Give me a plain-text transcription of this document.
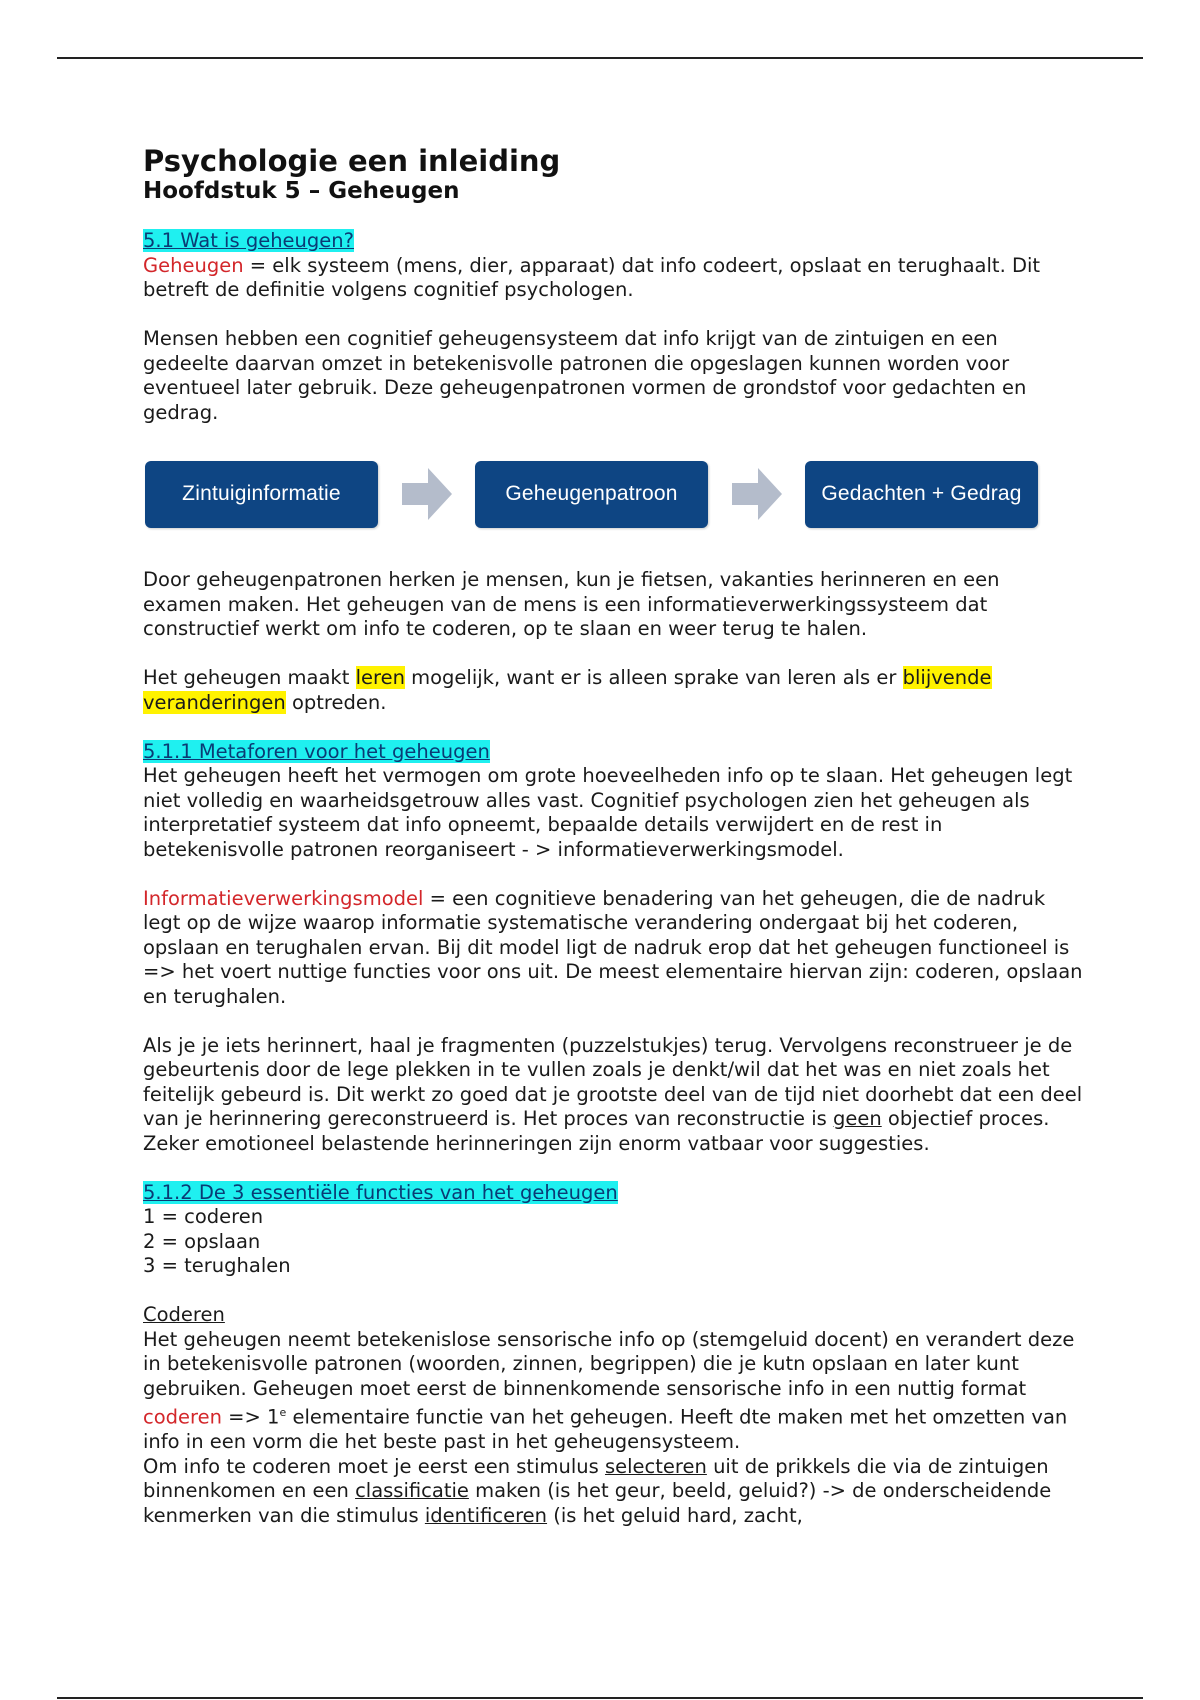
Psychologie een inleiding
Hoofdstuk 5 – Geheugen
5.1 Wat is geheugen?

Geheugen = elk systeem (mens, dier, apparaat) dat info codeert, opslaat en terughaalt. Dit betreft de definitie volgens cognitief psychologen.

Mensen hebben een cognitief geheugensysteem dat info krijgt van de zintuigen en een gedeelte daarvan omzet in betekenisvolle patronen die opgeslagen kunnen worden voor eventueel later gebruik. Deze geheugenpatronen vormen de grondstof voor gedachten en gedrag.

Zintuiginformatie	Geheugenpatroon	Gedachten + Gedrag

Door geheugenpatronen herken je mensen, kun je fietsen, vakanties herinneren en een examen maken. Het geheugen van de mens is een informatieverwerkingssysteem dat constructief werkt om info te coderen, op te slaan en weer terug te halen.

Het geheugen maakt leren mogelijk, want er is alleen sprake van leren als er blijvende veranderingen optreden.

5.1.1 Metaforen voor het geheugen

Het geheugen heeft het vermogen om grote hoeveelheden info op te slaan. Het geheugen legt niet volledig en waarheidsgetrouw alles vast. Cognitief psychologen zien het geheugen als interpretatief systeem dat info opneemt, bepaalde details verwijdert en de rest in betekenisvolle patronen reorganiseert - > informatieverwerkingsmodel.

Informatieverwerkingsmodel = een cognitieve benadering van het geheugen, die de nadruk legt op de wijze waarop informatie systematische verandering ondergaat bij het coderen, opslaan en terughalen ervan. Bij dit model ligt de nadruk erop dat het geheugen functioneel is => het voert nuttige functies voor ons uit. De meest elementaire hiervan zijn: coderen, opslaan en terughalen.

Als je je iets herinnert, haal je fragmenten (puzzelstukjes) terug. Vervolgens reconstrueer je de gebeurtenis door de lege plekken in te vullen zoals je denkt/wil dat het was en niet zoals het feitelijk gebeurd is. Dit werkt zo goed dat je grootste deel van de tijd niet doorhebt dat een deel van je herinnering gereconstrueerd is. Het proces van reconstructie is geen objectief proces. Zeker emotioneel belastende herinneringen zijn enorm vatbaar voor suggesties.

5.1.2 De 3 essentiële functies van het geheugen

1 = coderen

2 = opslaan

3 = terughalen

Coderen

Het geheugen neemt betekenislose sensorische info op (stemgeluid docent) en verandert deze in betekenisvolle patronen (woorden, zinnen, begrippen) die je kutn opslaan en later kunt gebruiken. Geheugen moet eerst de binnenkomende sensorische info in een nuttig format coderen => $1^e$ elementaire functie van het geheugen. Heeft dte maken met het omzetten van info in een vorm die het beste past in het geheugensysteem.

Om info te coderen moet je eerst een stimulus selecteren uit de prikkels die via de zintuigen binnenkomen en een classificatie maken (is het geur, beeld, geluid?) -> de onderscheidende kenmerken van die stimulus identificeren (is het geluid hard, zacht,
